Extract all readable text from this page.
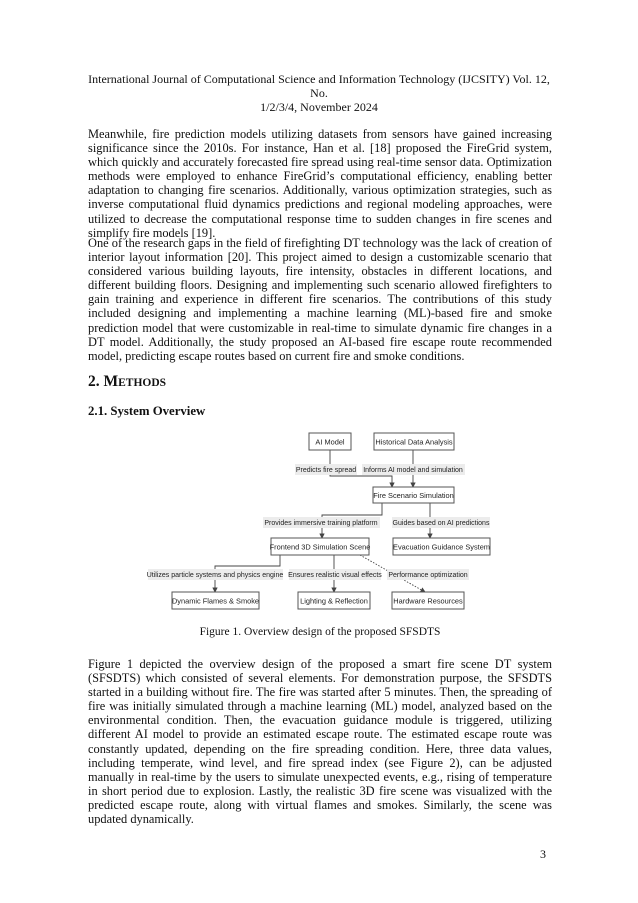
International Journal of Computational Science and Information Technology (IJCSITY) Vol. 12, No.
1/2/3/4, November 2024
Meanwhile, fire prediction models utilizing datasets from sensors have gained increasing significance since the 2010s. For instance, Han et al. [18] proposed the FireGrid system, which quickly and accurately forecasted fire spread using real-time sensor data. Optimization methods were employed to enhance FireGrid’s computational efficiency, enabling better adaptation to changing fire scenarios. Additionally, various optimization strategies, such as inverse computational fluid dynamics predictions and regional modeling approaches, were utilized to decrease the computational response time to sudden changes in fire scenes and simplify fire models [19].
One of the research gaps in the field of firefighting DT technology was the lack of creation of interior layout information [20]. This project aimed to design a customizable scenario that considered various building layouts, fire intensity, obstacles in different locations, and different building floors. Designing and implementing such scenario allowed firefighters to gain training and experience in different fire scenarios. The contributions of this study included designing and implementing a machine learning (ML)-based fire and smoke prediction model that were customizable in real-time to simulate dynamic fire changes in a DT model. Additionally, the study proposed an AI-based fire escape route recommended model, predicting escape routes based on current fire and smoke conditions.
2. METHODS
2.1. System Overview
Predicts fire spread Informs AI model and simulation
Provides immersive training platform Guides based on AI predictions
Utilizes particle systems and physics engine Ensures realistic visual effects Performance optimization
AI Model	Historical Data Analysis
Fire Scenario Simulation
Frontend 3D Simulation Scene	Evacuation Guidance System
Dynamic Flames & Smoke	Lighting & Reflection	Hardware Resources
Figure 1. Overview design of the proposed SFSDTS
Figure 1 depicted the overview design of the proposed a smart fire scene DT system (SFSDTS) which consisted of several elements. For demonstration purpose, the SFSDTS started in a building without fire. The fire was started after 5 minutes. Then, the spreading of fire was initially simulated through a machine learning (ML) model, analyzed based on the environmental condition. Then, the evacuation guidance module is triggered, utilizing different AI model to provide an estimated escape route. The estimated escape route was constantly updated, depending on the fire spreading condition. Here, three data values, including temperate, wind level, and fire spread index (see Figure 2), can be adjusted manually in real-time by the users to simulate unexpected events, e.g., rising of temperature in short period due to explosion. Lastly, the realistic 3D fire scene was visualized with the predicted escape route, along with virtual flames and smokes. Similarly, the scene was updated dynamically.
3
